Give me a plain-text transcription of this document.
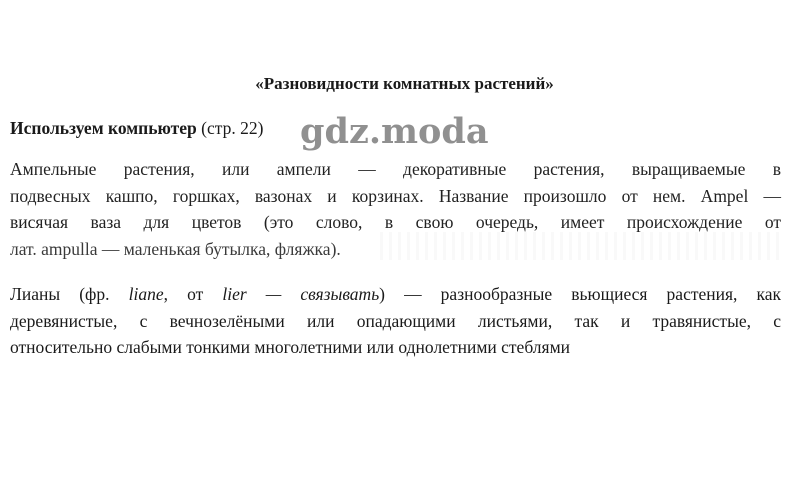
«Разновидности комнатных растений»
Используем компьютер (стр. 22) gdz.moda
Ампельные растения, или ампели — декоративные растения, выращиваемые в
подвесных кашпо, горшках, вазонах и корзинах. Название произошло от нем. Ampel —
висячая ваза для цветов (это слово, в свою очередь, имеет происхождение от
лат. ampulla — маленькая бутылка, фляжка).
Лианы (фр. liane, от lier — связывать) — разнообразные вьющиеся растения, как
деревянистые, с вечнозелёными или опадающими листьями, так и травянистые, с
относительно слабыми тонкими многолетними или однолетними стеблями
